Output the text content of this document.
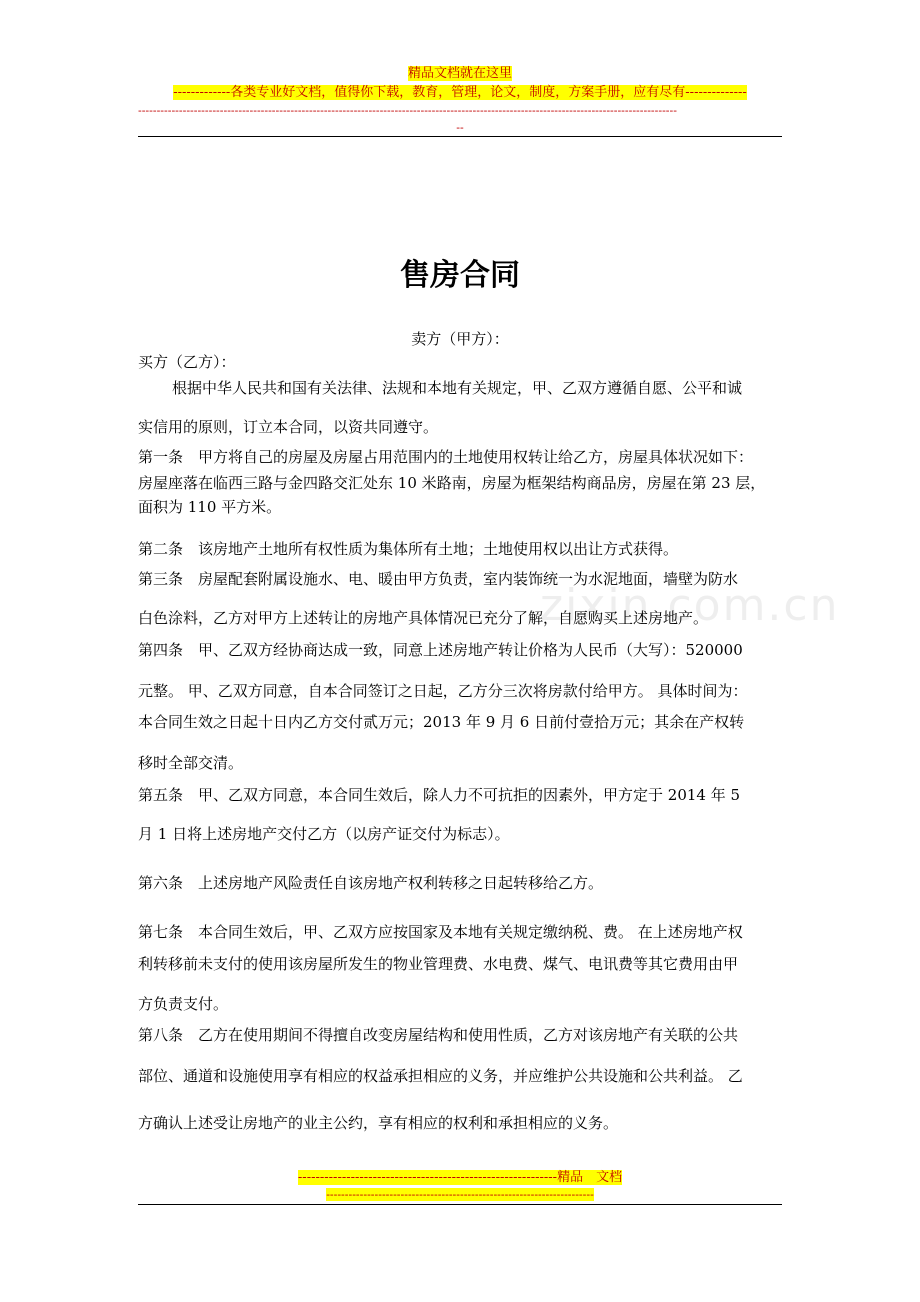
精品文档就在这里
-------------各类专业好文档，值得你下载，教育，管理，论文，制度，方案手册，应有尽有--------------
-------------------------------------------------------------------------------------------------------------------------------------------------
--
zixin.com.cn
售房合同
卖方（甲方）：
买方（乙方）：
根据中华人民共和国有关法律、法规和本地有关规定，甲、乙双方遵循自愿、公平和诚
实信用的原则，订立本合同，以资共同遵守。
第一条　甲方将自己的房屋及房屋占用范围内的土地使用权转让给乙方，房屋具体状况如下：
房屋座落在临西三路与金四路交汇处东 10 米路南，房屋为框架结构商品房，房屋在第 23 层，
面积为 110 平方米。
第二条　该房地产土地所有权性质为集体所有土地；土地使用权以出让方式获得。
第三条　房屋配套附属设施水、电、暖由甲方负责，室内装饰统一为水泥地面，墙壁为防水
白色涂料，乙方对甲方上述转让的房地产具体情况已充分了解，自愿购买上述房地产。
第四条　甲、乙双方经协商达成一致，同意上述房地产转让价格为人民币（大写）：520000
元整。 甲、乙双方同意，自本合同签订之日起，乙方分三次将房款付给甲方。 具体时间为：
本合同生效之日起十日内乙方交付贰万元；2013 年 9 月 6 日前付壹拾万元；其余在产权转
移时全部交清。
第五条　甲、乙双方同意，本合同生效后，除人力不可抗拒的因素外，甲方定于 2014 年 5
月 1 日将上述房地产交付乙方（以房产证交付为标志）。
第六条　上述房地产风险责任自该房地产权利转移之日起转移给乙方。
第七条　本合同生效后，甲、乙双方应按国家及本地有关规定缴纳税、费。 在上述房地产权
利转移前未支付的使用该房屋所发生的物业管理费、水电费、煤气、电讯费等其它费用由甲
方负责支付。
第八条　乙方在使用期间不得擅自改变房屋结构和使用性质，乙方对该房地产有关联的公共
部位、通道和设施使用享有相应的权益承担相应的义务，并应维护公共设施和公共利益。 乙
方确认上述受让房地产的业主公约，享有相应的权利和承担相应的义务。
-----------------------------------------------------------精品　文档
------------------------------------------------------------------------
